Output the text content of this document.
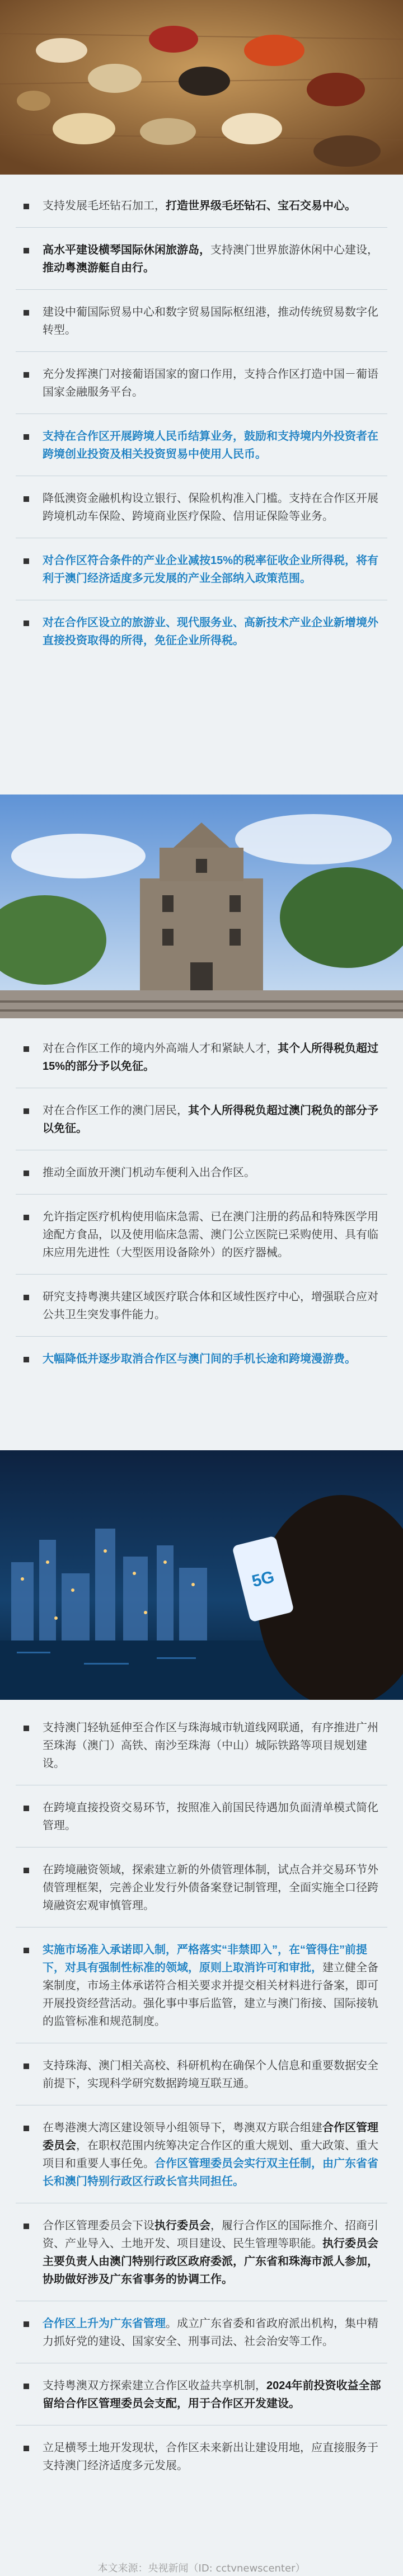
支持发展毛坯钻石加工，打造世界级毛坯钻石、宝石交易中心。
高水平建设横琴国际休闲旅游岛，支持澳门世界旅游休闲中心建设，推动粤澳游艇自由行。
建设中葡国际贸易中心和数字贸易国际枢纽港，推动传统贸易数字化转型。
充分发挥澳门对接葡语国家的窗口作用，支持合作区打造中国－葡语国家金融服务平台。
支持在合作区开展跨境人民币结算业务，鼓励和支持境内外投资者在跨境创业投资及相关投资贸易中使用人民币。
降低澳资金融机构设立银行、保险机构准入门槛。支持在合作区开展跨境机动车保险、跨境商业医疗保险、信用证保险等业务。
对合作区符合条件的产业企业减按15%的税率征收企业所得税，将有利于澳门经济适度多元发展的产业全部纳入政策范围。
对在合作区设立的旅游业、现代服务业、高新技术产业企业新增境外直接投资取得的所得，免征企业所得税。
对在合作区工作的境内外高端人才和紧缺人才，其个人所得税负超过15%的部分予以免征。
对在合作区工作的澳门居民，其个人所得税负超过澳门税负的部分予以免征。
推动全面放开澳门机动车便利入出合作区。
允许指定医疗机构使用临床急需、已在澳门注册的药品和特殊医学用途配方食品，以及使用临床急需、澳门公立医院已采购使用、具有临床应用先进性（大型医用设备除外）的医疗器械。
研究支持粤澳共建区域医疗联合体和区域性医疗中心，增强联合应对公共卫生突发事件能力。
大幅降低并逐步取消合作区与澳门间的手机长途和跨境漫游费。
5G
支持澳门轻轨延伸至合作区与珠海城市轨道线网联通，有序推进广州至珠海（澳门）高铁、南沙至珠海（中山）城际铁路等项目规划建设。
在跨境直接投资交易环节，按照准入前国民待遇加负面清单模式简化管理。
在跨境融资领域，探索建立新的外债管理体制，试点合并交易环节外债管理框架，完善企业发行外债备案登记制管理，全面实施全口径跨境融资宏观审慎管理。
实施市场准入承诺即入制，严格落实“非禁即入”，在“管得住”前提下，对具有强制性标准的领域，原则上取消许可和审批，建立健全备案制度，市场主体承诺符合相关要求并提交相关材料进行备案，即可开展投资经营活动。强化事中事后监管，建立与澳门衔接、国际接轨的监管标准和规范制度。
支持珠海、澳门相关高校、科研机构在确保个人信息和重要数据安全前提下，实现科学研究数据跨境互联互通。
在粤港澳大湾区建设领导小组领导下，粤澳双方联合组建合作区管理委员会，在职权范围内统筹决定合作区的重大规划、重大政策、重大项目和重要人事任免。合作区管理委员会实行双主任制，由广东省省长和澳门特别行政区行政长官共同担任。
合作区管理委员会下设执行委员会，履行合作区的国际推介、招商引资、产业导入、土地开发、项目建设、民生管理等职能。执行委员会主要负责人由澳门特别行政区政府委派，广东省和珠海市派人参加，协助做好涉及广东省事务的协调工作。
合作区上升为广东省管理。成立广东省委和省政府派出机构，集中精力抓好党的建设、国家安全、刑事司法、社会治安等工作。
支持粤澳双方探索建立合作区收益共享机制，2024年前投资收益全部留给合作区管理委员会支配，用于合作区开发建设。
立足横琴土地开发现状，合作区未来新出让建设用地，应直接服务于支持澳门经济适度多元发展。
本文来源：央视新闻（ID: cctvnewscenter）
